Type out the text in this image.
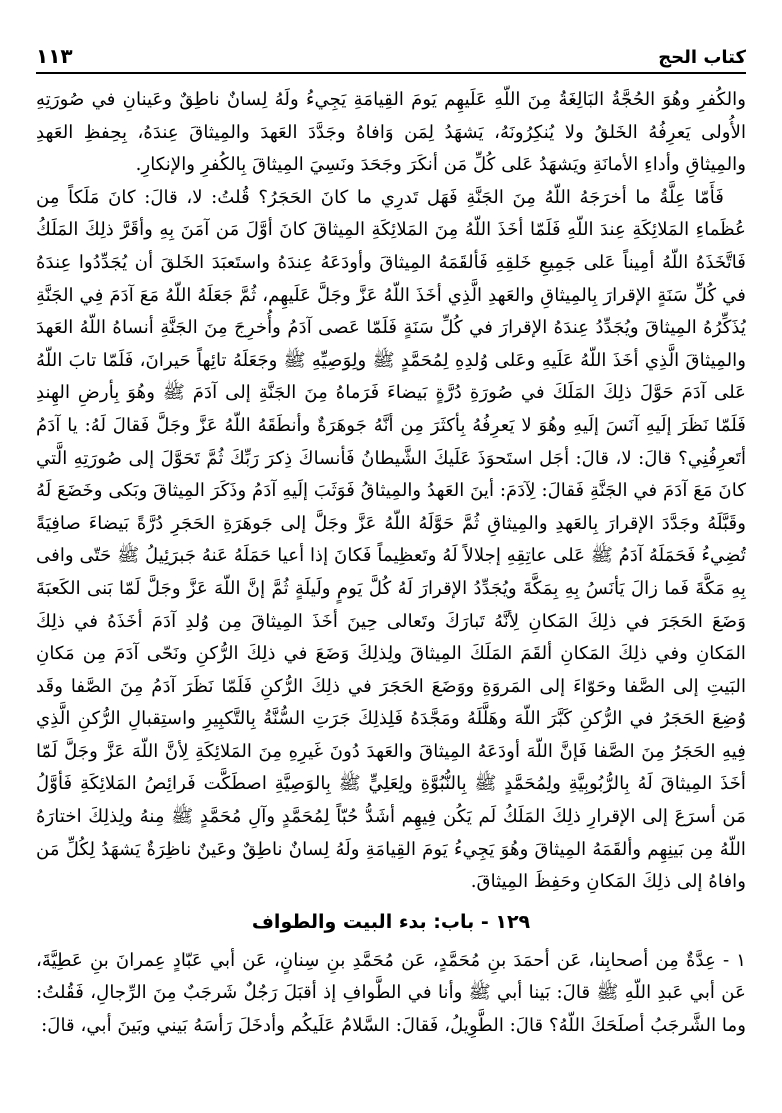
كتاب الحج
١١٣

والكُفرِ وهُوَ الحُجَّةُ البَالِغَةُ مِنَ اللّهِ عَلَيهِم يَومَ القِيامَةِ يَجِيءُ ولَهُ لِسانٌ ناطِقٌ وعَينانِ في صُورَتِهِ الأُولى يَعرِفُهُ الخَلقُ ولا يُنكِرُونَهُ، يَشهَدُ لِمَن وَافاهُ وجَدَّدَ العَهدَ والمِيثاقَ عِندَهُ، بِحِفظِ العَهدِ والمِيثاقِ وأداءِ الأمانَةِ ويَشهَدُ عَلى كُلِّ مَن أنكَرَ وجَحَدَ ونَسِيَ المِيثاقَ بِالكُفرِ والإنكارِ.

فَأَمّا عِلَّةُ ما أخرَجَهُ اللّهُ مِنَ الجَنَّةِ فَهَل تَدرِي ما كانَ الحَجَرُ؟ قُلتُ: لا، قالَ: كانَ مَلَكاً مِن عُظَماءِ المَلائِكَةِ عِندَ اللّهِ فَلَمّا أخَذَ اللّهُ مِنَ المَلائِكَةِ المِيثاقَ كانَ أوَّلَ مَن آمَنَ بِهِ وأقَرَّ ذلِكَ المَلَكُ فَاتَّخَذَهُ اللّهُ أمِيناً عَلى جَمِيعِ خَلقِهِ فَألقَمَهُ المِيثاقَ وأودَعَهُ عِندَهُ واستَعبَدَ الخَلقَ أن يُجَدِّدُوا عِندَهُ في كُلِّ سَنَةٍ الإقرارَ بِالمِيثاقِ والعَهدِ الَّذِي أخَذَ اللّهُ عَزَّ وجَلَّ عَلَيهِم، ثُمَّ جَعَلَهُ اللّهُ مَعَ آدَمَ فِي الجَنَّةِ يُذَكِّرُهُ المِيثاقَ ويُجَدِّدُ عِندَهُ الإقرارَ في كُلِّ سَنَةٍ فَلَمّا عَصى آدَمُ وأُخرِجَ مِنَ الجَنَّةِ أنساهُ اللّهُ العَهدَ والمِيثاقَ الَّذِي أخَذَ اللّهُ عَلَيهِ وعَلى وُلدِهِ لِمُحَمَّدٍ ﷺ ولِوَصِيِّهِ ﷺ وجَعَلَهُ تائِهاً حَيرانَ، فَلَمّا تابَ اللّهُ عَلى آدَمَ حَوَّلَ ذلِكَ المَلَكَ في صُورَةِ دُرَّةٍ بَيضاءَ فَرَماهُ مِنَ الجَنَّةِ إلى آدَمَ ﷺ وهُوَ بِأرضِ الهِندِ فَلَمّا نَظَرَ إلَيهِ آنَسَ إلَيهِ وهُوَ لا يَعرِفُهُ بِأكثَرَ مِن أنَّهُ جَوهَرَةٌ وأنطَقَهُ اللّهُ عَزَّ وجَلَّ فَقالَ لَهُ: يا آدَمُ أتَعرِفُنِي؟ قالَ: لا، قالَ: أجَل استَحوَذَ عَلَيكَ الشَّيطانُ فَأنساكَ ذِكرَ رَبِّكَ ثُمَّ تَحَوَّلَ إلى صُورَتِهِ الَّتي كانَ مَعَ آدَمَ في الجَنَّةِ فَقالَ: لِآدَمَ: أينَ العَهدُ والمِيثاقُ فَوَثَبَ إلَيهِ آدَمُ وذَكَرَ المِيثاقَ وبَكى وخَضَعَ لَهُ وقَبَّلَهُ وجَدَّدَ الإقرارَ بِالعَهدِ والمِيثاقِ ثُمَّ حَوَّلَهُ اللّهُ عَزَّ وجَلَّ إلى جَوهَرَةِ الحَجَرِ دُرَّةً بَيضاءَ صافِيَةً تُضِيءُ فَحَمَلَهُ آدَمُ ﷺ عَلى عاتِقِهِ إجلالاً لَهُ وتَعظِيماً فَكانَ إذا أعيا حَمَلَهُ عَنهُ جَبرَئِيلُ ﷺ حَتّى وافى بِهِ مَكَّةَ فَما زالَ يَأنَسُ بِهِ بِمَكَّةَ ويُجَدِّدُ الإقرارَ لَهُ كُلَّ يَومٍ ولَيلَةٍ ثُمَّ إنَّ اللّهَ عَزَّ وجَلَّ لَمّا بَنى الكَعبَةَ وَضَعَ الحَجَرَ في ذلِكَ المَكانِ لِأنَّهُ تَبارَكَ وتَعالى حِينَ أخَذَ المِيثاقَ مِن وُلدِ آدَمَ أخَذَهُ في ذلِكَ المَكانِ وفي ذلِكَ المَكانِ ألقَمَ المَلَكَ المِيثاقَ ولِذلِكَ وَضَعَ في ذلِكَ الرُّكنِ ونَحّى آدَمَ مِن مَكانِ البَيتِ إلى الصَّفا وحَوّاءَ إلى المَروَةِ ووَضَعَ الحَجَرَ في ذلِكَ الرُّكنِ فَلَمّا نَظَرَ آدَمُ مِنَ الصَّفا وقَد وُضِعَ الحَجَرُ في الرُّكنِ كَبَّرَ اللّهَ وهَلَّلَهُ ومَجَّدَهُ فَلِذلِكَ جَرَتِ السُّنَّةُ بِالتَّكبِيرِ واستِقبالِ الرُّكنِ الَّذِي فِيهِ الحَجَرُ مِنَ الصَّفا فَإنَّ اللّهَ أودَعَهُ المِيثاقَ والعَهدَ دُونَ غَيرِهِ مِنَ المَلائِكَةِ لِأنَّ اللّهَ عَزَّ وجَلَّ لَمّا أخَذَ المِيثاقَ لَهُ بِالرُّبُوبِيَّةِ ولِمُحَمَّدٍ ﷺ بِالنُّبُوَّةِ ولِعَلِيٍّ ﷺ بِالوَصِيَّةِ اصطَكَّت فَرائِصُ المَلائِكَةِ فَأوَّلُ مَن أسرَعَ إلى الإقرارِ ذلِكَ المَلَكُ لَم يَكُن فِيهِم أشَدُّ حُبّاً لِمُحَمَّدٍ وآلِ مُحَمَّدٍ ﷺ مِنهُ ولِذلِكَ اختارَهُ اللّهُ مِن بَينِهِم وألقَمَهُ المِيثاقَ وهُوَ يَجِيءُ يَومَ القِيامَةِ ولَهُ لِسانٌ ناطِقٌ وعَينٌ ناظِرَةٌ يَشهَدُ لِكُلِّ مَن وافاهُ إلى ذلِكَ المَكانِ وحَفِظَ المِيثاقَ.

١٢٩ - باب: بدء البيت والطواف

١ - عِدَّةٌ مِن أصحابِنا، عَن أحمَدَ بنِ مُحَمَّدٍ، عَن مُحَمَّدِ بنِ سِنانٍ، عَن أبي عَبّادٍ عِمرانَ بنِ عَطِيَّةَ، عَن أبي عَبدِ اللّهِ ﷺ قالَ: بَينا أبي ﷺ وأنا في الطَّوافِ إذ أقبَلَ رَجُلٌ شَرجَبٌ مِنَ الرِّجالِ، فَقُلتُ: وما الشَّرجَبُ أصلَحَكَ اللّهُ؟ قالَ: الطَّوِيلُ، فَقالَ: السَّلامُ عَلَيكُم وأدخَلَ رَأسَهُ بَيني وبَينَ أبي، قالَ:
